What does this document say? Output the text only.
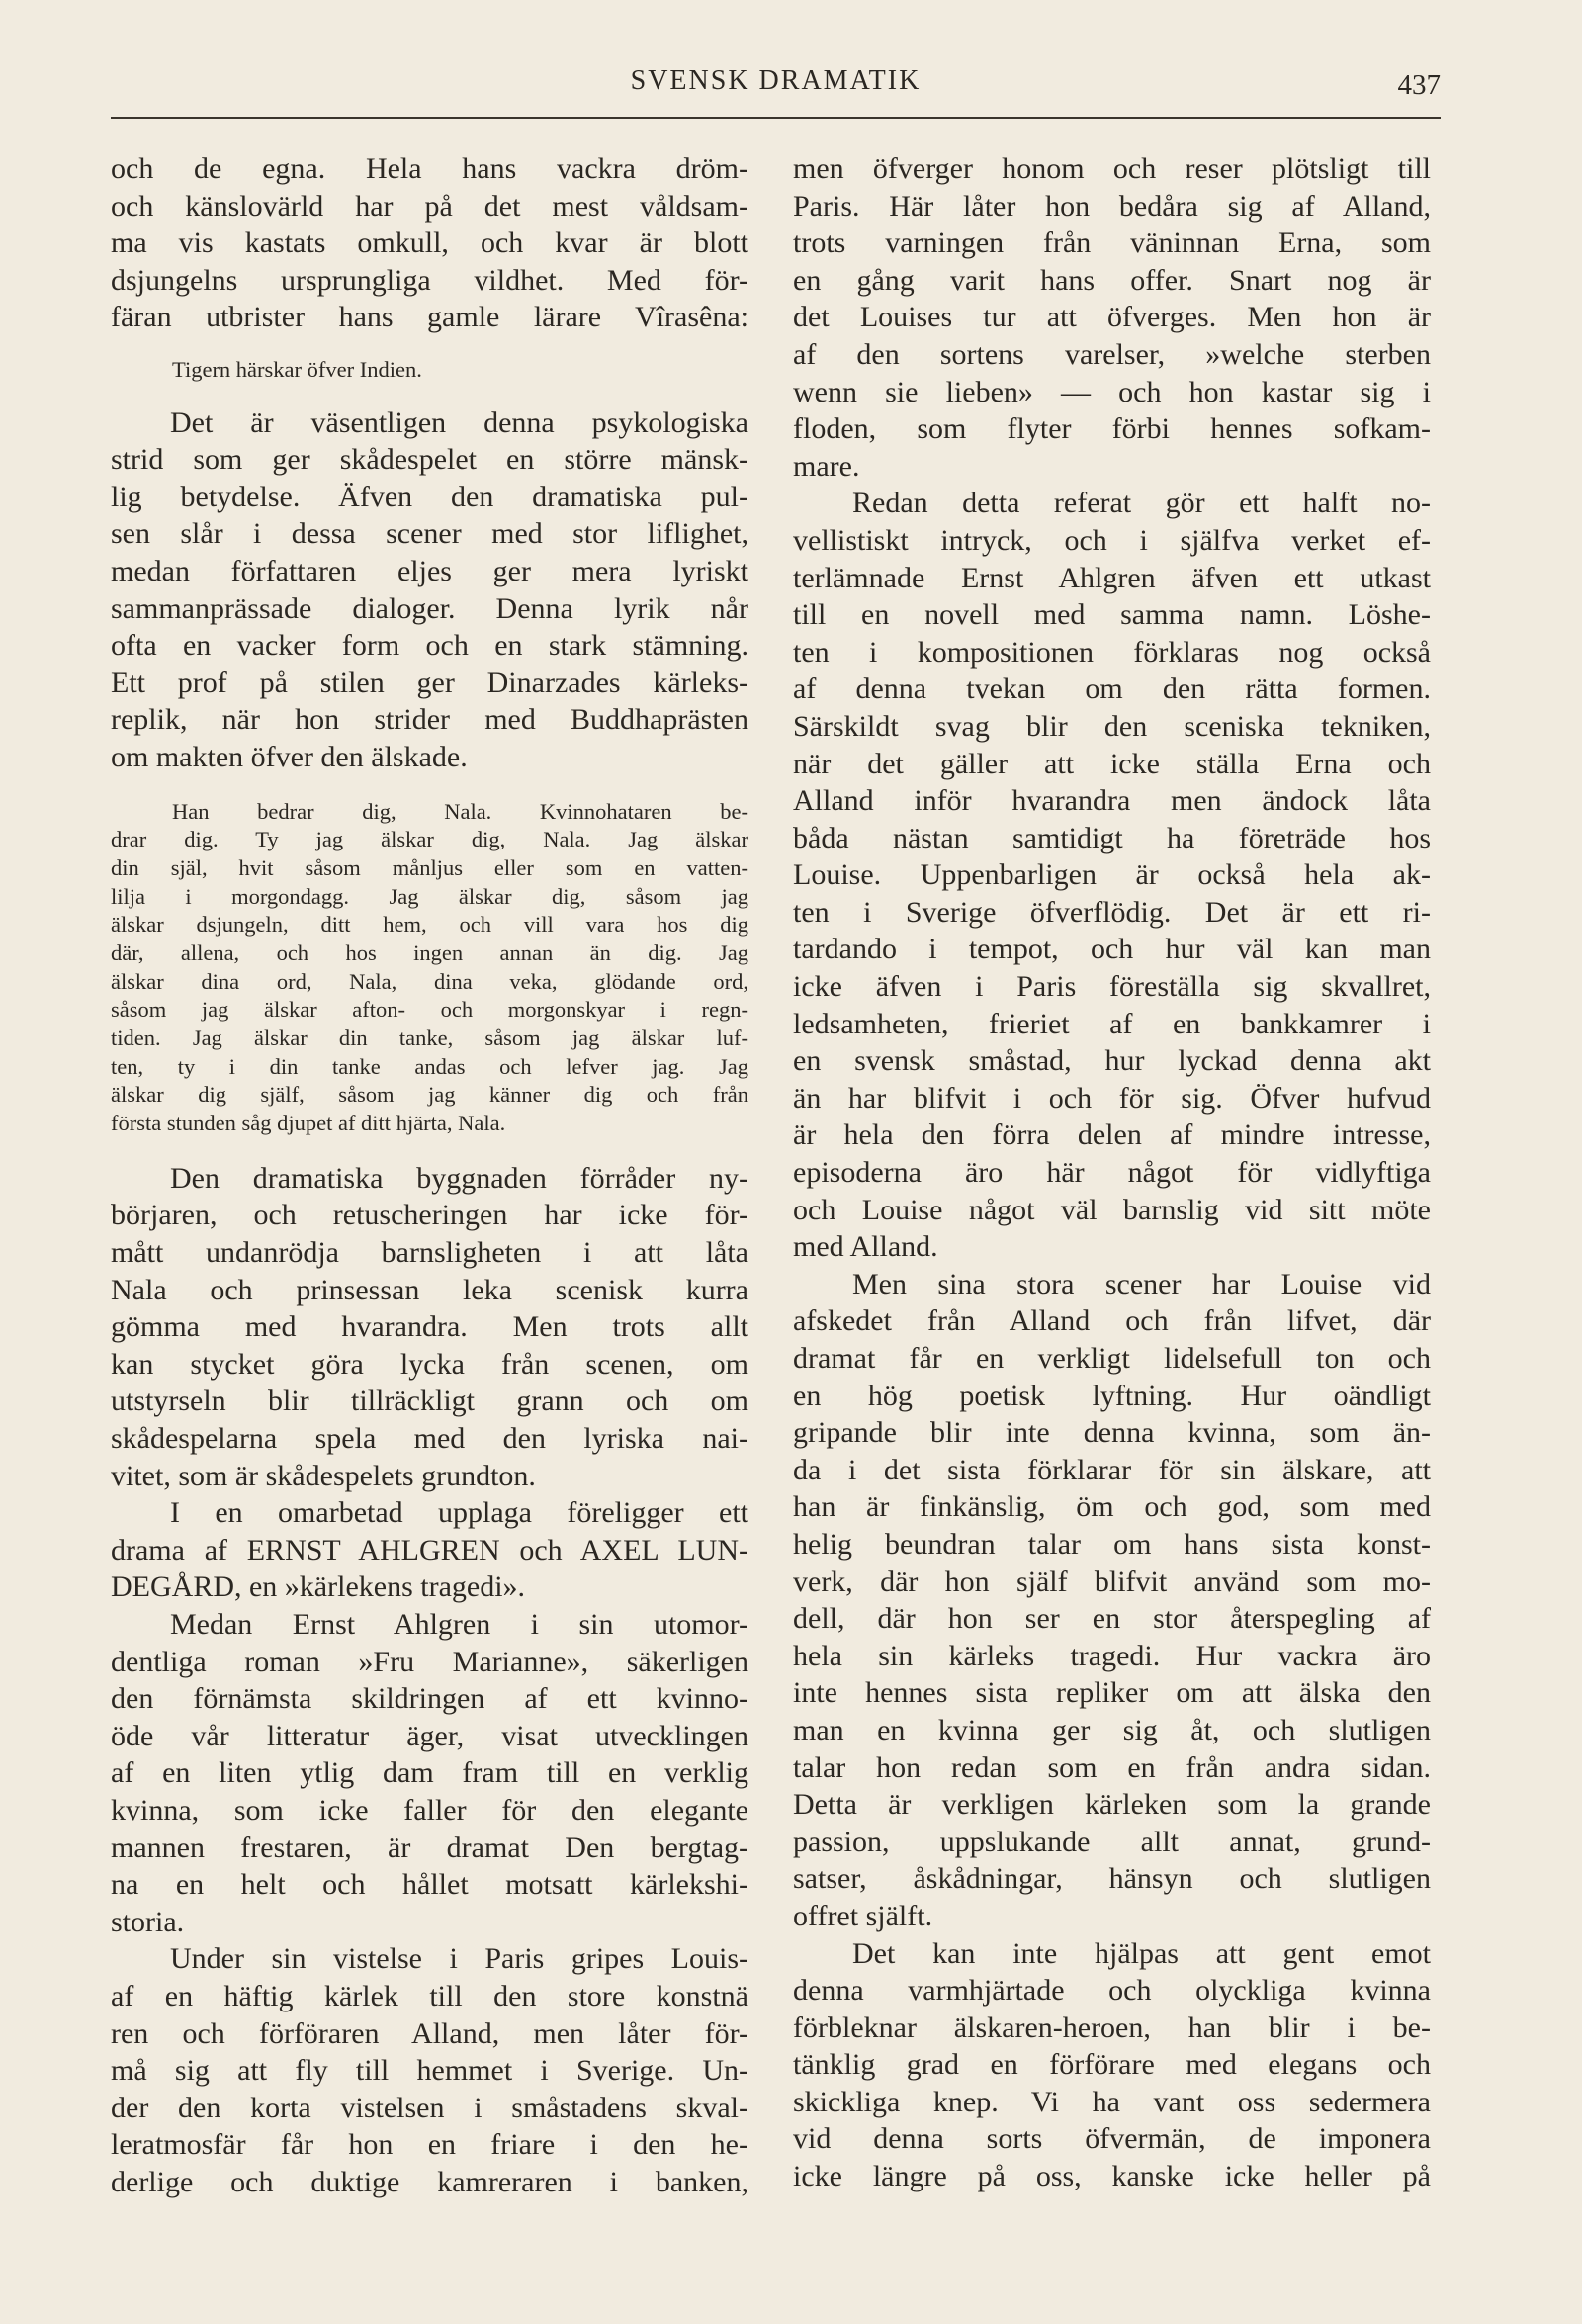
SVENSK DRAMATIK	437
och de egna. Hela hans vackra dröm-
och känslovärld har på det mest våldsam-
ma vis kastats omkull, och kvar är blott
dsjungelns ursprungliga vildhet. Med för-
färan utbrister hans gamle lärare Vîrasêna:
Tigern härskar öfver Indien.
Det är väsentligen denna psykologiska
strid som ger skådespelet en större mänsk-
lig betydelse. Äfven den dramatiska pul-
sen slår i dessa scener med stor liflighet,
medan författaren eljes ger mera lyriskt
sammanprässade dialoger. Denna lyrik når
ofta en vacker form och en stark stämning.
Ett prof på stilen ger Dinarzades kärleks-
replik, när hon strider med Buddhaprästen
om makten öfver den älskade.
Han bedrar dig, Nala. Kvinnohataren be-
drar dig. Ty jag älskar dig, Nala. Jag älskar
din själ, hvit såsom månljus eller som en vatten-
lilja i morgondagg. Jag älskar dig, såsom jag
älskar dsjungeln, ditt hem, och vill vara hos dig
där, allena, och hos ingen annan än dig. Jag
älskar dina ord, Nala, dina veka, glödande ord,
såsom jag älskar afton- och morgonskyar i regn-
tiden. Jag älskar din tanke, såsom jag älskar luf-
ten, ty i din tanke andas och lefver jag. Jag
älskar dig själf, såsom jag känner dig och från
första stunden såg djupet af ditt hjärta, Nala.
Den dramatiska byggnaden förråder ny-
börjaren, och retuscheringen har icke för-
mått undanrödja barnsligheten i att låta
Nala och prinsessan leka scenisk kurra
gömma med hvarandra. Men trots allt
kan stycket göra lycka från scenen, om
utstyrseln blir tillräckligt grann och om
skådespelarna spela med den lyriska nai-
vitet, som är skådespelets grundton.
I en omarbetad upplaga föreligger ett
drama af ERNST AHLGREN och AXEL LUN-
DEGÅRD, en »kärlekens tragedi».
Medan Ernst Ahlgren i sin utomor-
dentliga roman »Fru Marianne», säkerligen
den förnämsta skildringen af ett kvinno-
öde vår litteratur äger, visat utvecklingen
af en liten ytlig dam fram till en verklig
kvinna, som icke faller för den elegante
mannen frestaren, är dramat Den bergtag-
na en helt och hållet motsatt kärlekshi-
storia.
Under sin vistelse i Paris gripes Louis-
af en häftig kärlek till den store konstnä
ren och förföraren Alland, men låter för-
må sig att fly till hemmet i Sverige. Un-
der den korta vistelsen i småstadens skval-
leratmosfär får hon en friare i den he-
derlige och duktige kamreraren i banken,
men öfverger honom och reser plötsligt till
Paris. Här låter hon bedåra sig af Alland,
trots varningen från väninnan Erna, som
en gång varit hans offer. Snart nog är
det Louises tur att öfverges. Men hon är
af den sortens varelser, »welche sterben
wenn sie lieben» — och hon kastar sig i
floden, som flyter förbi hennes sofkam-
mare.
Redan detta referat gör ett halft no-
vellistiskt intryck, och i själfva verket ef-
terlämnade Ernst Ahlgren äfven ett utkast
till en novell med samma namn. Löshe-
ten i kompositionen förklaras nog också
af denna tvekan om den rätta formen.
Särskildt svag blir den sceniska tekniken,
när det gäller att icke ställa Erna och
Alland inför hvarandra men ändock låta
båda nästan samtidigt ha företräde hos
Louise. Uppenbarligen är också hela ak-
ten i Sverige öfverflödig. Det är ett ri-
tardando i tempot, och hur väl kan man
icke äfven i Paris föreställa sig skvallret,
ledsamheten, frieriet af en bankkamrer i
en svensk småstad, hur lyckad denna akt
än har blifvit i och för sig. Öfver hufvud
är hela den förra delen af mindre intresse,
episoderna äro här något för vidlyftiga
och Louise något väl barnslig vid sitt möte
med Alland.
Men sina stora scener har Louise vid
afskedet från Alland och från lifvet, där
dramat får en verkligt lidelsefull ton och
en hög poetisk lyftning. Hur oändligt
gripande blir inte denna kvinna, som än-
da i det sista förklarar för sin älskare, att
han är finkänslig, öm och god, som med
helig beundran talar om hans sista konst-
verk, där hon själf blifvit använd som mo-
dell, där hon ser en stor återspegling af
hela sin kärleks tragedi. Hur vackra äro
inte hennes sista repliker om att älska den
man en kvinna ger sig åt, och slutligen
talar hon redan som en från andra sidan.
Detta är verkligen kärleken som la grande
passion, uppslukande allt annat, grund-
satser, åskådningar, hänsyn och slutligen
offret själft.
Det kan inte hjälpas att gent emot
denna varmhjärtade och olyckliga kvinna
förbleknar älskaren-heroen, han blir i be-
tänklig grad en förförare med elegans och
skickliga knep. Vi ha vant oss sedermera
vid denna sorts öfvermän, de imponera
icke längre på oss, kanske icke heller på
